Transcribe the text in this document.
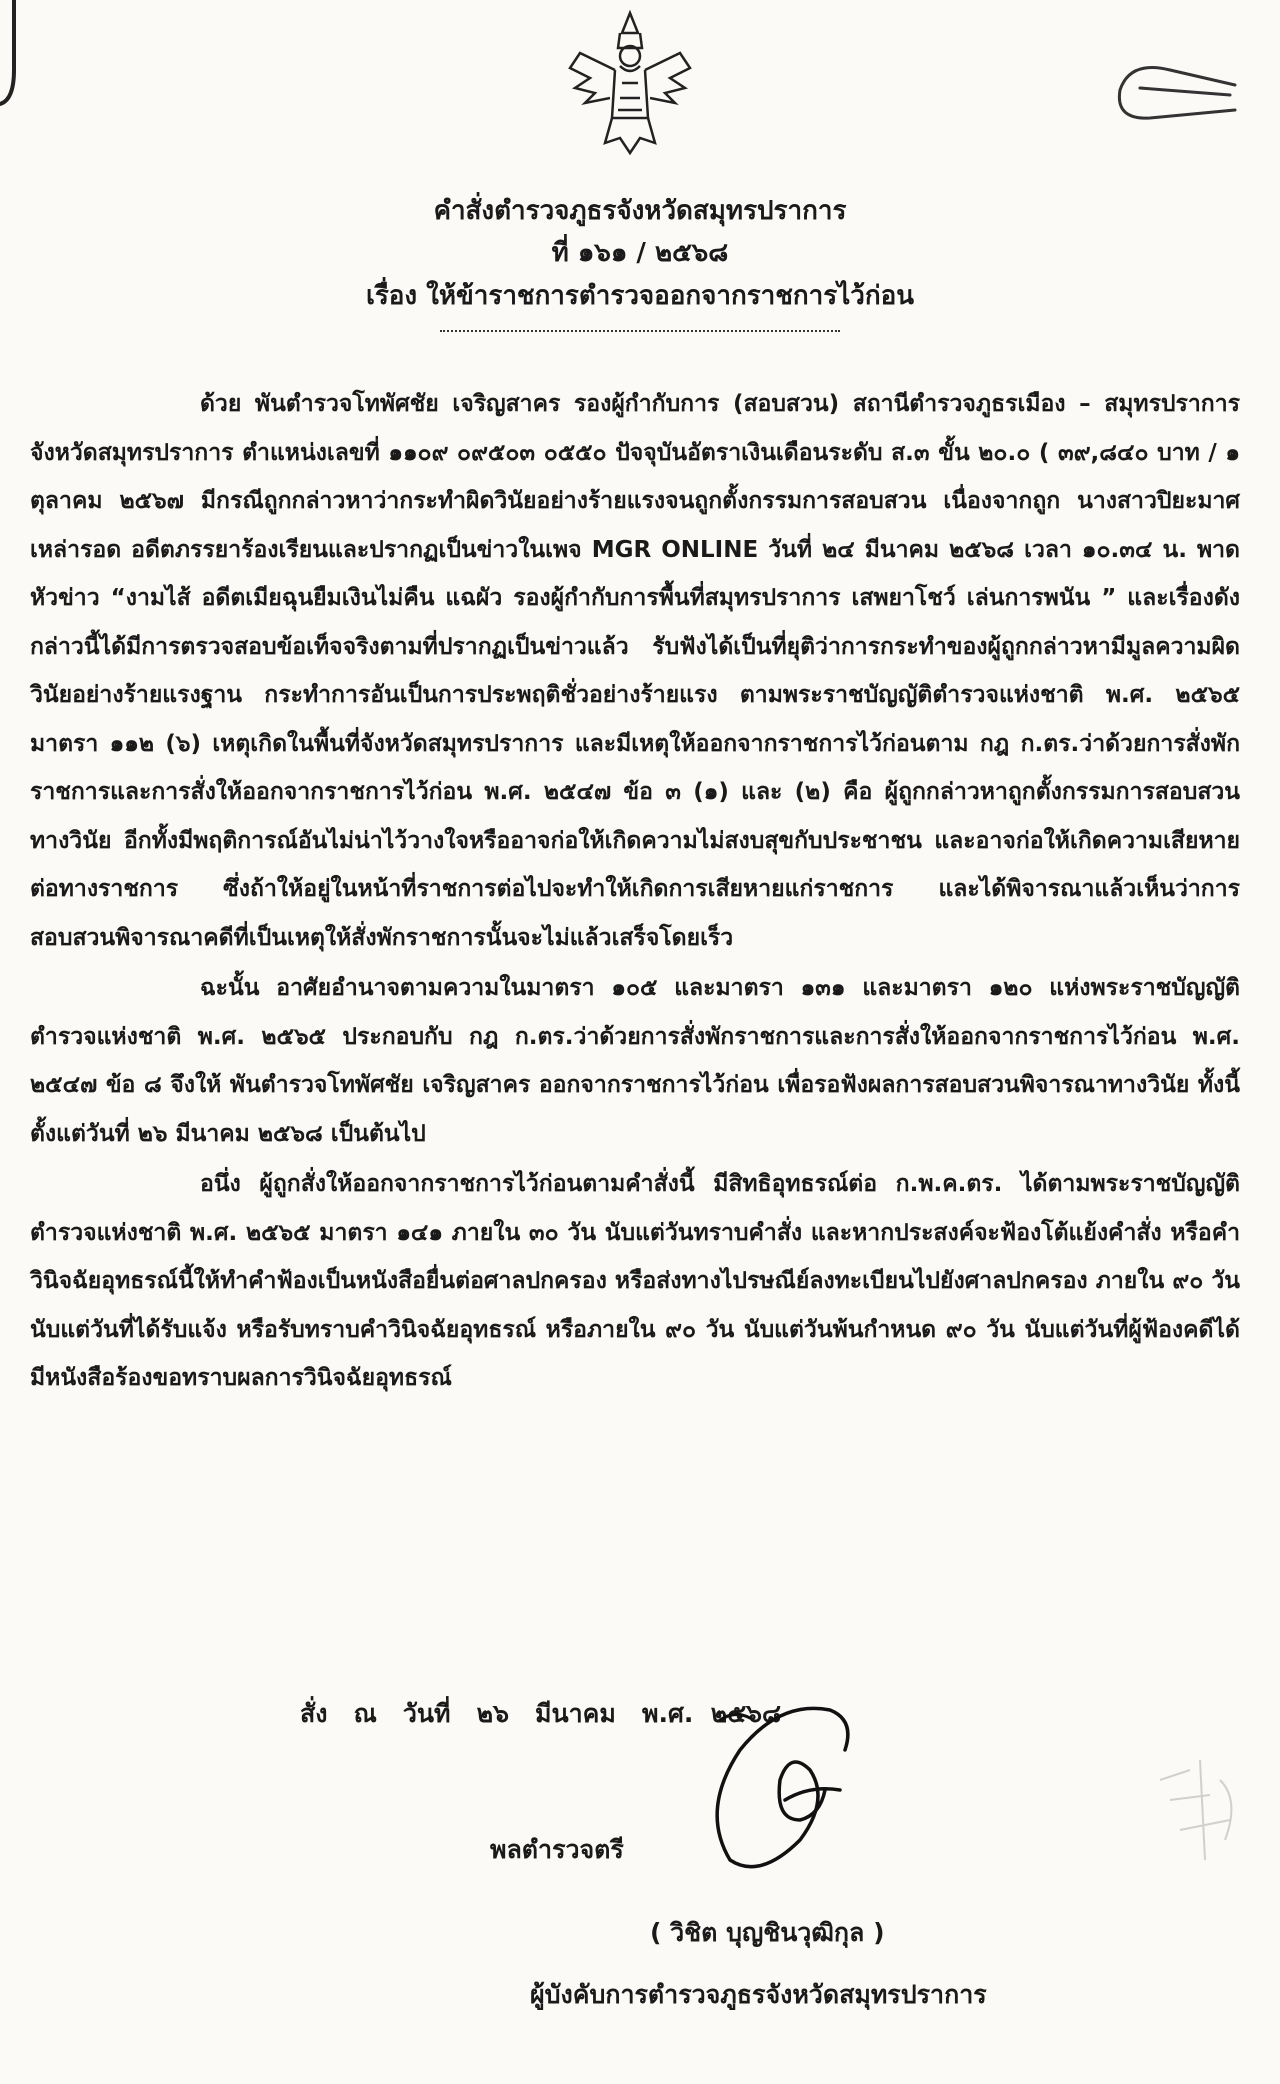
คำสั่งตำรวจภูธรจังหวัดสมุทรปราการ
ที่ ๑๖๑ / ๒๕๖๘
เรื่อง ให้ข้าราชการตำรวจออกจากราชการไว้ก่อน

ด้วย พันตำรวจโทพัศชัย เจริญสาคร รองผู้กำกับการ (สอบสวน) สถานีตำรวจภูธรเมือง – สมุทรปราการ จังหวัดสมุทรปราการ ตำแหน่งเลขที่ ๑๑๐๙ ๐๙๕๐๓ ๐๕๕๐ ปัจจุบันอัตราเงินเดือนระดับ ส.๓ ขั้น ๒๐.๐ ( ๓๙,๘๔๐ บาท / ๑ ตุลาคม ๒๕๖๗ มีกรณีถูกกล่าวหาว่ากระทำผิดวินัยอย่างร้ายแรงจนถูกตั้งกรรมการสอบสวน เนื่องจากถูก นางสาวปิยะมาศ เหล่ารอด อดีตภรรยาร้องเรียนและปรากฏเป็นข่าวในเพจ MGR ONLINE วันที่ ๒๔ มีนาคม ๒๕๖๘ เวลา ๑๐.๓๔ น. พาดหัวข่าว “งามไส้ อดีตเมียฉุนยืมเงินไม่คืน แฉผัว รองผู้กำกับการพื้นที่สมุทรปราการ เสพยาโชว์ เล่นการพนัน ” และเรื่องดังกล่าวนี้ได้มีการตรวจสอบข้อเท็จจริงตามที่ปรากฏเป็นข่าวแล้ว รับฟังได้เป็นที่ยุติว่าการกระทำของผู้ถูกกล่าวหามีมูลความผิดวินัยอย่างร้ายแรงฐาน กระทำการอันเป็นการประพฤติชั่วอย่างร้ายแรง ตามพระราชบัญญัติตำรวจแห่งชาติ พ.ศ. ๒๕๖๕ มาตรา ๑๑๒ (๖) เหตุเกิดในพื้นที่จังหวัดสมุทรปราการ และมีเหตุให้ออกจากราชการไว้ก่อนตาม กฎ ก.ตร.ว่าด้วยการสั่งพักราชการและการสั่งให้ออกจากราชการไว้ก่อน พ.ศ. ๒๕๔๗ ข้อ ๓ (๑) และ (๒) คือ ผู้ถูกกล่าวหาถูกตั้งกรรมการสอบสวนทางวินัย อีกทั้งมีพฤติการณ์อันไม่น่าไว้วางใจหรืออาจก่อให้เกิดความไม่สงบสุขกับประชาชน และอาจก่อให้เกิดความเสียหายต่อทางราชการ ซึ่งถ้าให้อยู่ในหน้าที่ราชการต่อไปจะทำให้เกิดการเสียหายแก่ราชการ และได้พิจารณาแล้วเห็นว่าการสอบสวนพิจารณาคดีที่เป็นเหตุให้สั่งพักราชการนั้นจะไม่แล้วเสร็จโดยเร็ว

ฉะนั้น อาศัยอำนาจตามความในมาตรา ๑๐๕ และมาตรา ๑๓๑ และมาตรา ๑๒๐ แห่งพระราชบัญญัติตำรวจแห่งชาติ พ.ศ. ๒๕๖๕ ประกอบกับ กฎ ก.ตร.ว่าด้วยการสั่งพักราชการและการสั่งให้ออกจากราชการไว้ก่อน พ.ศ. ๒๕๔๗ ข้อ ๘ จึงให้ พันตำรวจโทพัศชัย เจริญสาคร ออกจากราชการไว้ก่อน เพื่อรอฟังผลการสอบสวนพิจารณาทางวินัย ทั้งนี้ตั้งแต่วันที่ ๒๖ มีนาคม ๒๕๖๘ เป็นต้นไป

อนึ่ง ผู้ถูกสั่งให้ออกจากราชการไว้ก่อนตามคำสั่งนี้ มีสิทธิอุทธรณ์ต่อ ก.พ.ค.ตร. ได้ตามพระราชบัญญัติตำรวจแห่งชาติ พ.ศ. ๒๕๖๕ มาตรา ๑๔๑ ภายใน ๓๐ วัน นับแต่วันทราบคำสั่ง และหากประสงค์จะฟ้องโต้แย้งคำสั่ง หรือคำวินิจฉัยอุทธรณ์นี้ให้ทำคำฟ้องเป็นหนังสือยื่นต่อศาลปกครอง หรือส่งทางไปรษณีย์ลงทะเบียนไปยังศาลปกครอง ภายใน ๙๐ วัน นับแต่วันที่ได้รับแจ้ง หรือรับทราบคำวินิจฉัยอุทธรณ์ หรือภายใน ๙๐ วัน นับแต่วันพ้นกำหนด ๙๐ วัน นับแต่วันที่ผู้ฟ้องคดีได้มีหนังสือร้องขอทราบผลการวินิจฉัยอุทธรณ์

สั่ง   ณ   วันที่   ๒๖   มีนาคม   พ.ศ.  ๒๕๖๘
พลตำรวจตรี
( วิชิต บุญชินวุฒิกุล )
ผู้บังคับการตำรวจภูธรจังหวัดสมุทรปราการ
